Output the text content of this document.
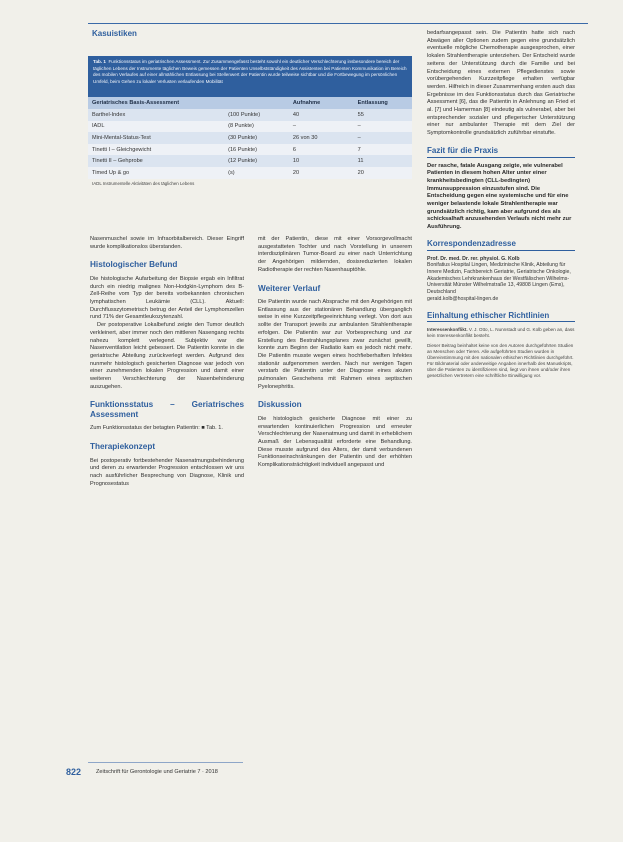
Kasuistiken
Tab. 1 Funktionsstatus im geriatrischen Assessment. Zur Zusammengefasst besteht sowohl ein deutlicher Verschlechterung insbesondere bereich der täglichen Lebens der Instrumente täglichen Beweis gemessen der Patienten Unselbstständigkeit des Assistenten bei Patienten Kommunikation im Bereich des mobilen Verlaufes auf einer allmählichen Entlassung bei Stellenwert der Patientin wurde teilweise sichtbar und die Fortbewegung im persönlichen Umfeld, beim Gehen zu lokaler Verlusten verlaufenden Mobilität
Geriatrisches Basis-Assessment		Aufnahme	Entlassung
Barthel-Index	(100 Punkte)	40	55
IADL	(8 Punkte)	–	–
Mini-Mental-Status-Test	(30 Punkte)	26 von 30	–
Tinetti I – Gleichgewicht	(16 Punkte)	6	7
Tinetti II – Gehprobe	(12 Punkte)	10	11
Timed Up & go	(s)	20	20
IADL Instrumentelle Aktivitäten des täglichen Lebens

Nasenmuschel sowie im Infraorbitalbereich. Dieser Eingriff wurde komplikationslos überstanden.

Histologischer Befund

Die histologische Aufarbeitung der Biopsie ergab ein Infiltrat durch ein niedrig malignes Non-Hodgkin-Lymphom des B-Zell-Reihe vom Typ der bereits vorbekannten chronischen lymphatischen Leukämie (CLL). Aktuell: Durchflusszytometrisch betrug der Anteil der Lymphomzellen rund 71% der Gesamtleukozytenzahl.

Der postoperative Lokalbefund zeigte den Tumor deutlich verkleinert, aber immer noch den mittleren Nasengang rechts nahezu komplett verlegend. Subjektiv war die Nasenventilation leicht gebessert. Die Patientin konnte in die geriatrische Abteilung zurückverlegt werden. Aufgrund des nunmehr histologisch gesicherten Diagnose war jedoch von einer zunehmenden lokalen Progression und damit einer weiteren Verschlechterung der Nasenbehinderung auszugehen.

Funktionsstatus – Geriatrisches Assessment

Zum Funktionsstatus der betagten Patientin: ■ Tab. 1.

Therapiekonzept

Bei postoperativ fortbestehender Nasenatmungsbehinderung und deren zu erwartender Progression entschlossen wir uns nach ausführlicher Besprechung von Diagnose, Klinik und Prognosestatus

mit der Patientin, diese mit einer Vorsorgevollmacht ausgestatteten Tochter und nach Vorstellung in unserem interdisziplinären Tumor-Board zu einer nach Unterrichtung der Angehörigen mildernden, dosisreduzierten lokalen Radiotherapie der rechten Nasenhauptöhle.

Weiterer Verlauf

Die Patientin wurde nach Absprache mit den Angehörigen mit Entlassung aus der stationären Behandlung überganglich weise in eine Kurzzeitpflegeeinrichtung verlegt. Von dort aus sollte der Transport jeweils zur ambulanten Strahlentherapie erfolgen. Die Patientin war zur Vorbesprechung und zur Erstellung des Bestrahlungsplanes zwar zunächst gewillt, konnte zum Beginn der Radiatio kam es jedoch nicht mehr. Die Patientin musste wegen eines hochfieberhaften Infektes stationär aufgenommen werden. Nach nur wenigen Tagen verstarb die Patientin unter der Diagnose eines akuten pulmonalen Geschehens mit Rahmen eines septischen Pyelonephritis.

Diskussion

Die histologisch gesicherte Diagnose mit einer zu erwartenden kontinuierlichen Progression und erneuter Verschlechterung der Nasenatmung und damit in erheblichem Ausmaß der Lebensqualität erforderte eine Behandlung. Diese musste aufgrund des Alters, der damit verbundenen Funktionseinschränkungen der Patientin und der erhöhten Komplikationsträchtigkeit individuell angepasst und

bedarfsangepasst sein. Die Patientin hatte sich nach Abwägen aller Optionen zudem gegen eine grundsätzlich eventuelle mögliche Chemotherapie ausgesprochen, einer lokalen Strahlentherapie unterziehen. Der Entscheid wurde seitens der Unterstützung durch die Familie und bei Entscheidung eines externen Pflegedienstes sowie vorübergehenden Kurzzeitpflege erhalten verfügbar werden. Hilfreich in dieser Zusammenhang ersten auch das Ergebnisse im des Funktionsstatus durch das Geriatrische Assessment [6], das die Patientin in Anlehnung an Fried et al. [7] und Hamerman [8] eindeutig als vulnerabel, aber bei entsprechender sozialer und pflegerischer Unterstützung einer nur ambulanter Therapie mit dem Ziel der Symptomkontrolle grundsätzlich zuführbar einstufte.

Fazit für die Praxis
Der rasche, fatale Ausgang zeigte, wie vulnerabel Patienten in diesem hohen Alter unter einer krankheitsbedingten (CLL-bedingten) Immunsuppression einzustufen sind. Die Entscheidung gegen eine systemische und für eine weniger belastende lokale Strahlentherapie war grundsätzlich richtig, kam aber aufgrund des als schicksalhaft anzusehenden Verlaufs nicht mehr zur Ausführung.
Korrespondenzadresse
Prof. Dr. med. Dr. rer. physiol. G. Kolb
Bonifatius Hospital Lingen, Medizinische Klinik, Abteilung für Innere Medizin, Fachbereich Geriatrie, Geriatrische Onkologie, Akademisches Lehrkrankenhaus der Westfälischen Wilhelms-Universität Münster Wilhelmstraße 13, 49808 Lingen (Ems), Deutschland
gerald.kolb@hospital-lingen.de
Einhaltung ethischer Richtlinien
Interessenkonflikt. V. J. Otto, L. Nunnstadt und G. Kolb geben an, dass kein Interessenkonflikt besteht.
Dieser Beitrag beinhaltet keine von den Autoren durchgeführten Studien an Menschen oder Tieren. Alle aufgeführten Studien wurden in Übereinstimmung mit den nationalen ethischen Richtlinien durchgeführt. Für Bildmaterial oder anderweitige Angaben innerhalb des Manuskripts, über die Patienten zu identifizieren sind, liegt von ihnen und/oder ihren gesetzlichen Vertretern eine schriftliche Einwilligung vor.
822	Zeitschrift für Gerontologie und Geriatrie 7 · 2018
